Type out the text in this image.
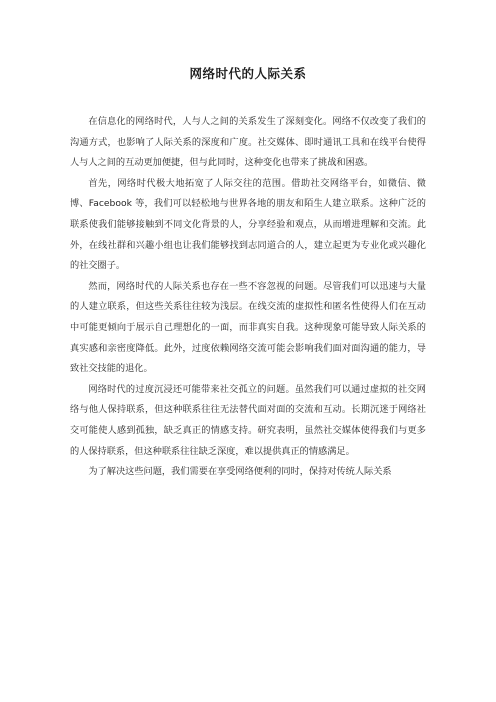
网络时代的人际关系

在信息化的网络时代，人与人之间的关系发生了深刻变化。网络不仅改变了我们的沟通方式，也影响了人际关系的深度和广度。社交媒体、即时通讯工具和在线平台使得人与人之间的互动更加便捷，但与此同时，这种变化也带来了挑战和困惑。

首先，网络时代极大地拓宽了人际交往的范围。借助社交网络平台，如微信、微博、Facebook 等，我们可以轻松地与世界各地的朋友和陌生人建立联系。这种广泛的联系使我们能够接触到不同文化背景的人，分享经验和观点，从而增进理解和交流。此外，在线社群和兴趣小组也让我们能够找到志同道合的人，建立起更为专业化或兴趣化的社交圈子。

然而，网络时代的人际关系也存在一些不容忽视的问题。尽管我们可以迅速与大量的人建立联系，但这些关系往往较为浅层。在线交流的虚拟性和匿名性使得人们在互动中可能更倾向于展示自己理想化的一面，而非真实自我。这种现象可能导致人际关系的真实感和亲密度降低。此外，过度依赖网络交流可能会影响我们面对面沟通的能力，导致社交技能的退化。

网络时代的过度沉浸还可能带来社交孤立的问题。虽然我们可以通过虚拟的社交网络与他人保持联系，但这种联系往往无法替代面对面的交流和互动。长期沉迷于网络社交可能使人感到孤独，缺乏真正的情感支持。研究表明，虽然社交媒体使得我们与更多的人保持联系，但这种联系往往缺乏深度，难以提供真正的情感满足。

为了解决这些问题，我们需要在享受网络便利的同时，保持对传统人际关系
